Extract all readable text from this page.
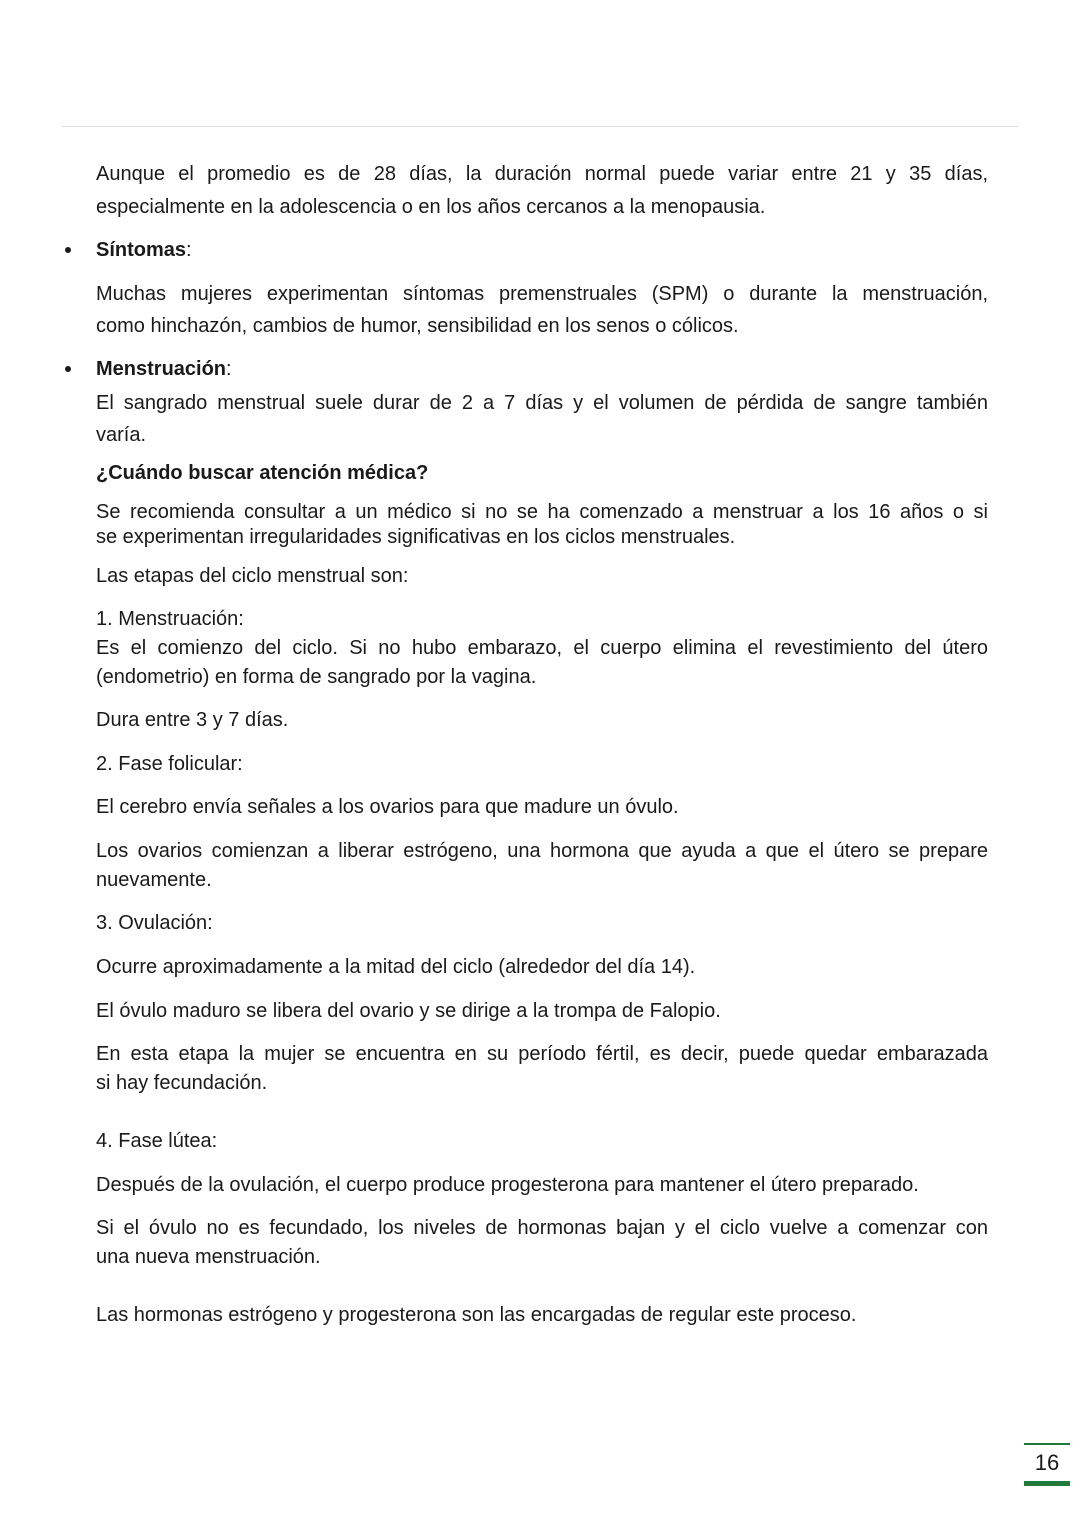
Aunque el promedio es de 28 días, la duración normal puede variar entre 21 y 35 días,
especialmente en la adolescencia o en los años cercanos a la menopausia.
Síntomas:
Muchas mujeres experimentan síntomas premenstruales (SPM) o durante la menstruación,
como hinchazón, cambios de humor, sensibilidad en los senos o cólicos.
Menstruación:
El sangrado menstrual suele durar de 2 a 7 días y el volumen de pérdida de sangre también
varía.
¿Cuándo buscar atención médica?
Se recomienda consultar a un médico si no se ha comenzado a menstruar a los 16 años o si
se experimentan irregularidades significativas en los ciclos menstruales.
Las etapas del ciclo menstrual son:
1. Menstruación:
Es el comienzo del ciclo. Si no hubo embarazo, el cuerpo elimina el revestimiento del útero
(endometrio) en forma de sangrado por la vagina.
Dura entre 3 y 7 días.
2. Fase folicular:
El cerebro envía señales a los ovarios para que madure un óvulo.
Los ovarios comienzan a liberar estrógeno, una hormona que ayuda a que el útero se prepare
nuevamente.
3. Ovulación:
Ocurre aproximadamente a la mitad del ciclo (alrededor del día 14).
El óvulo maduro se libera del ovario y se dirige a la trompa de Falopio.
En esta etapa la mujer se encuentra en su período fértil, es decir, puede quedar embarazada
si hay fecundación.
4. Fase lútea:
Después de la ovulación, el cuerpo produce progesterona para mantener el útero preparado.
Si el óvulo no es fecundado, los niveles de hormonas bajan y el ciclo vuelve a comenzar con
una nueva menstruación.
Las hormonas estrógeno y progesterona son las encargadas de regular este proceso.
16
